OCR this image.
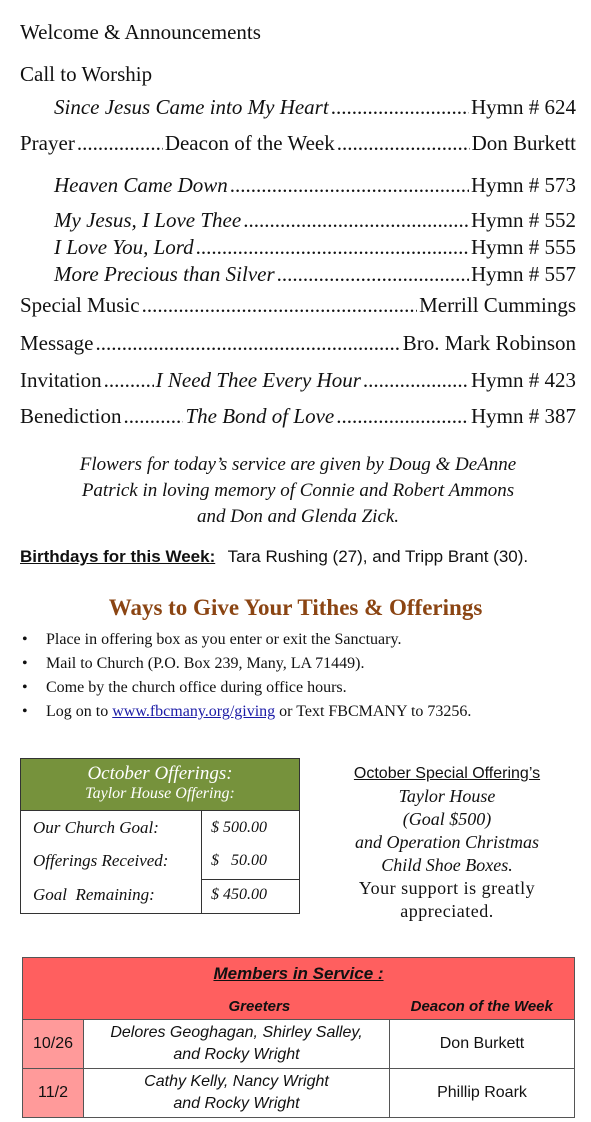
Welcome & Announcements
Call to Worship
Since Jesus Came into My Heart .....	Hymn # 624
Prayer .....	Deacon of the Week .....	Don Burkett
Heaven Came Down .....	Hymn # 573
My Jesus, I Love Thee .....	Hymn # 552
I Love You, Lord .....	Hymn # 555
More Precious than Silver .....	Hymn # 557
Special Music .....	Merrill Cummings
Message .....	Bro. Mark Robinson
Invitation .....	I Need Thee Every Hour .....	Hymn # 423
Benediction .....	The Bond of Love .....	Hymn # 387
Flowers for today’s service are given by Doug & DeAnne
Patrick in loving memory of Connie and Robert Ammons
and Don and Glenda Zick.
Birthdays for this Week: Tara Rushing (27), and Tripp Brant (30).
Ways to Give Your Tithes & Offerings
• Place in offering box as you enter or exit the Sanctuary.
• Mail to Church (P.O. Box 239, Many, LA 71449).
• Come by the church office during office hours.
• Log on to www.fbcmany.org/giving or Text FBCMANY to 73256.
October Offerings:
Taylor House Offering:
Our Church Goal:	$ 500.00
Offerings Received:	$   50.00
Goal  Remaining:	$ 450.00
October Special Offering’s
Taylor House
(Goal $500)
and Operation Christmas
Child Shoe Boxes.
Your support is greatly
appreciated.
Members in Service :		

	Greeters	Deacon of the Week
10/26	Delores Geoghagan, Shirley Salley,
and Rocky Wright	Don Burkett
11/2	Cathy Kelly, Nancy Wright
and Rocky Wright	Phillip Roark
